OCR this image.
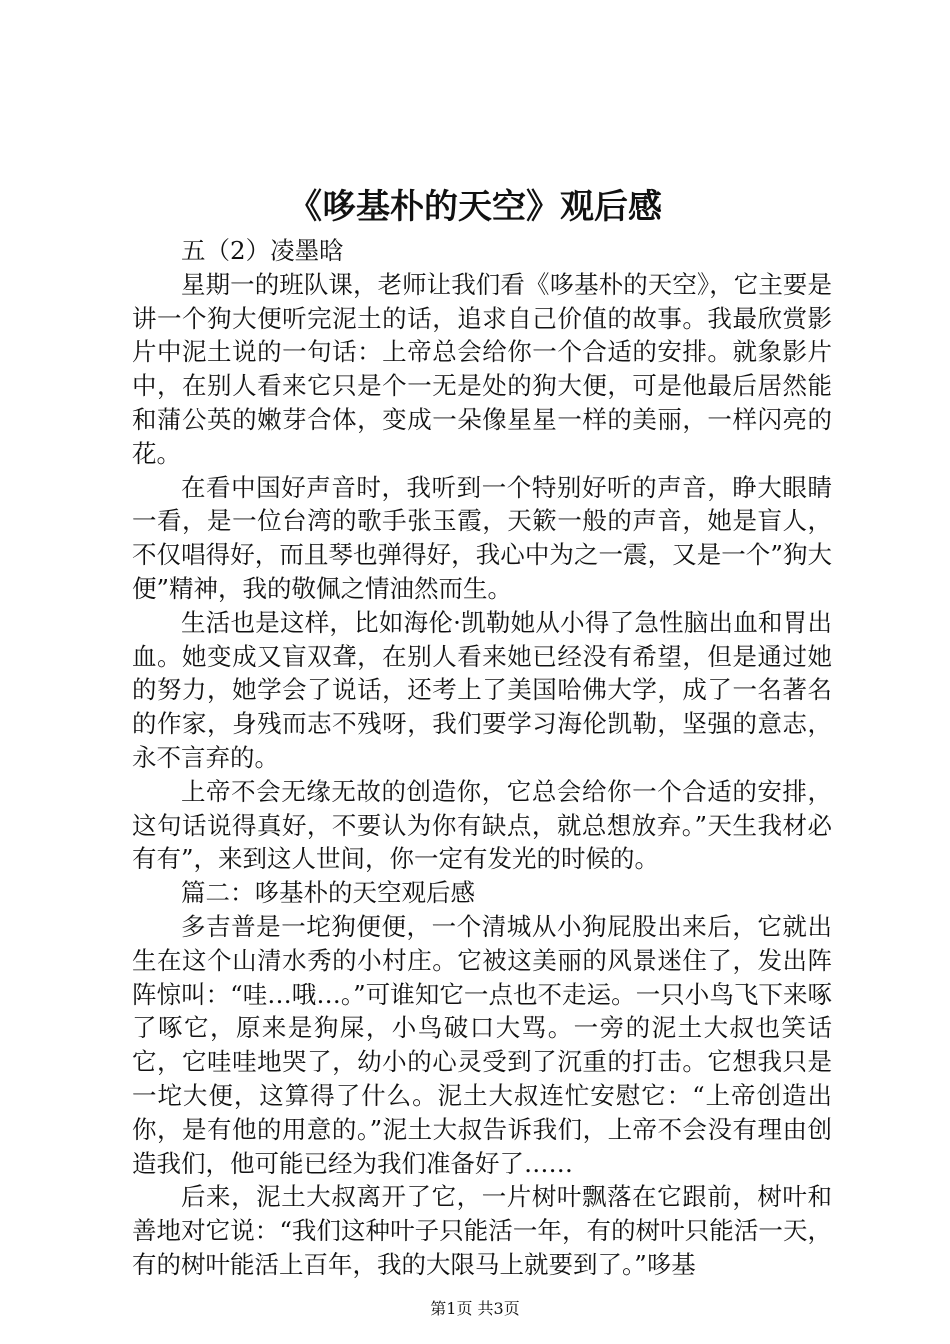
《哆基朴的天空》观后感

五（2）凌墨晗

星期一的班队课，老师让我们看《哆基朴的天空》，它主要是讲一个狗大便听完泥土的话，追求自己价值的故事。我最欣赏影片中泥土说的一句话：上帝总会给你一个合适的安排。就象影片中，在别人看来它只是个一无是处的狗大便，可是他最后居然能和蒲公英的嫩芽合体，变成一朵像星星一样的美丽，一样闪亮的花。

在看中国好声音时，我听到一个特别好听的声音，睁大眼睛一看，是一位台湾的歌手张玉霞，天簌一般的声音，她是盲人，不仅唱得好，而且琴也弹得好，我心中为之一震，又是一个”狗大便”精神，我的敬佩之情油然而生。

生活也是这样，比如海伦·凯勒她从小得了急性脑出血和胃出血。她变成又盲双聋，在别人看来她已经没有希望，但是通过她的努力，她学会了说话，还考上了美国哈佛大学，成了一名著名的作家，身残而志不残呀，我们要学习海伦凯勒，坚强的意志，永不言弃的。

上帝不会无缘无故的创造你，它总会给你一个合适的安排，这句话说得真好，不要认为你有缺点，就总想放弃。”天生我材必有有”，来到这人世间，你一定有发光的时候的。

篇二：哆基朴的天空观后感

多吉普是一坨狗便便，一个清城从小狗屁股出来后，它就出生在这个山清水秀的小村庄。它被这美丽的风景迷住了，发出阵阵惊叫：“哇…哦…。”可谁知它一点也不走运。一只小鸟飞下来啄了啄它，原来是狗屎，小鸟破口大骂。一旁的泥土大叔也笑话它，它哇哇地哭了，幼小的心灵受到了沉重的打击。它想我只是一坨大便，这算得了什么。泥土大叔连忙安慰它：“上帝创造出你，是有他的用意的。”泥土大叔告诉我们，上帝不会没有理由创造我们，他可能已经为我们准备好了……

后来，泥土大叔离开了它，一片树叶飘落在它跟前，树叶和善地对它说：“我们这种叶子只能活一年，有的树叶只能活一天，有的树叶能活上百年，我的大限马上就要到了。”哆基

第1页 共3页
